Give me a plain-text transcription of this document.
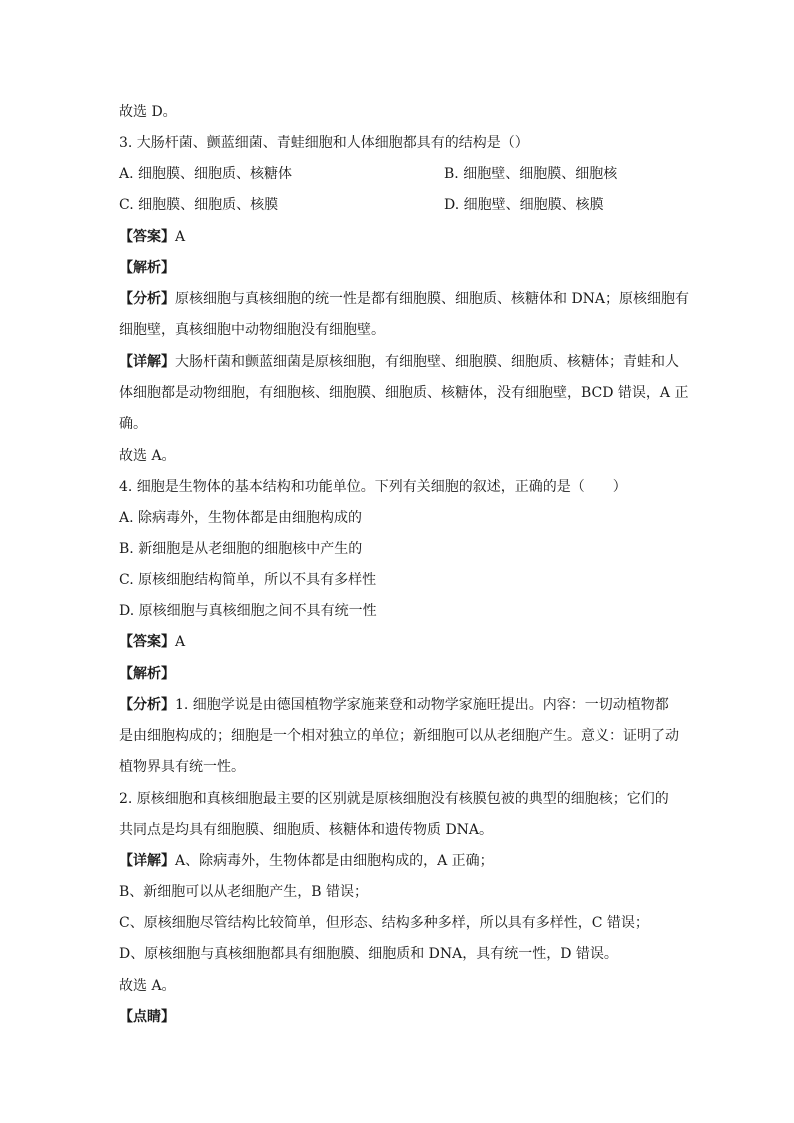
故选 D。
3. 大肠杆菌、颤蓝细菌、青蛙细胞和人体细胞都具有的结构是（）
A. 细胞膜、细胞质、核糖体	B. 细胞壁、细胞膜、细胞核
C. 细胞膜、细胞质、核膜	D. 细胞壁、细胞膜、核膜
【答案】A
【解析】
【分析】原核细胞与真核细胞的统一性是都有细胞膜、细胞质、核糖体和 DNA；原核细胞有
细胞壁，真核细胞中动物细胞没有细胞壁。
【详解】大肠杆菌和颤蓝细菌是原核细胞，有细胞壁、细胞膜、细胞质、核糖体；青蛙和人
体细胞都是动物细胞，有细胞核、细胞膜、细胞质、核糖体，没有细胞壁，BCD 错误，A 正
确。
故选 A。
4. 细胞是生物体的基本结构和功能单位。下列有关细胞的叙述，正确的是（　　）
A. 除病毒外，生物体都是由细胞构成的
B. 新细胞是从老细胞的细胞核中产生的
C. 原核细胞结构简单，所以不具有多样性
D. 原核细胞与真核细胞之间不具有统一性
【答案】A
【解析】
【分析】1. 细胞学说是由德国植物学家施莱登和动物学家施旺提出。内容：一切动植物都
是由细胞构成的；细胞是一个相对独立的单位；新细胞可以从老细胞产生。意义：证明了动
植物界具有统一性。
2. 原核细胞和真核细胞最主要的区别就是原核细胞没有核膜包被的典型的细胞核；它们的
共同点是均具有细胞膜、细胞质、核糖体和遗传物质 DNA。
【详解】A、除病毒外，生物体都是由细胞构成的，A 正确；
B、新细胞可以从老细胞产生，B 错误；
C、原核细胞尽管结构比较简单，但形态、结构多种多样，所以具有多样性，C 错误；
D、原核细胞与真核细胞都具有细胞膜、细胞质和 DNA，具有统一性，D 错误。
故选 A。
【点睛】
